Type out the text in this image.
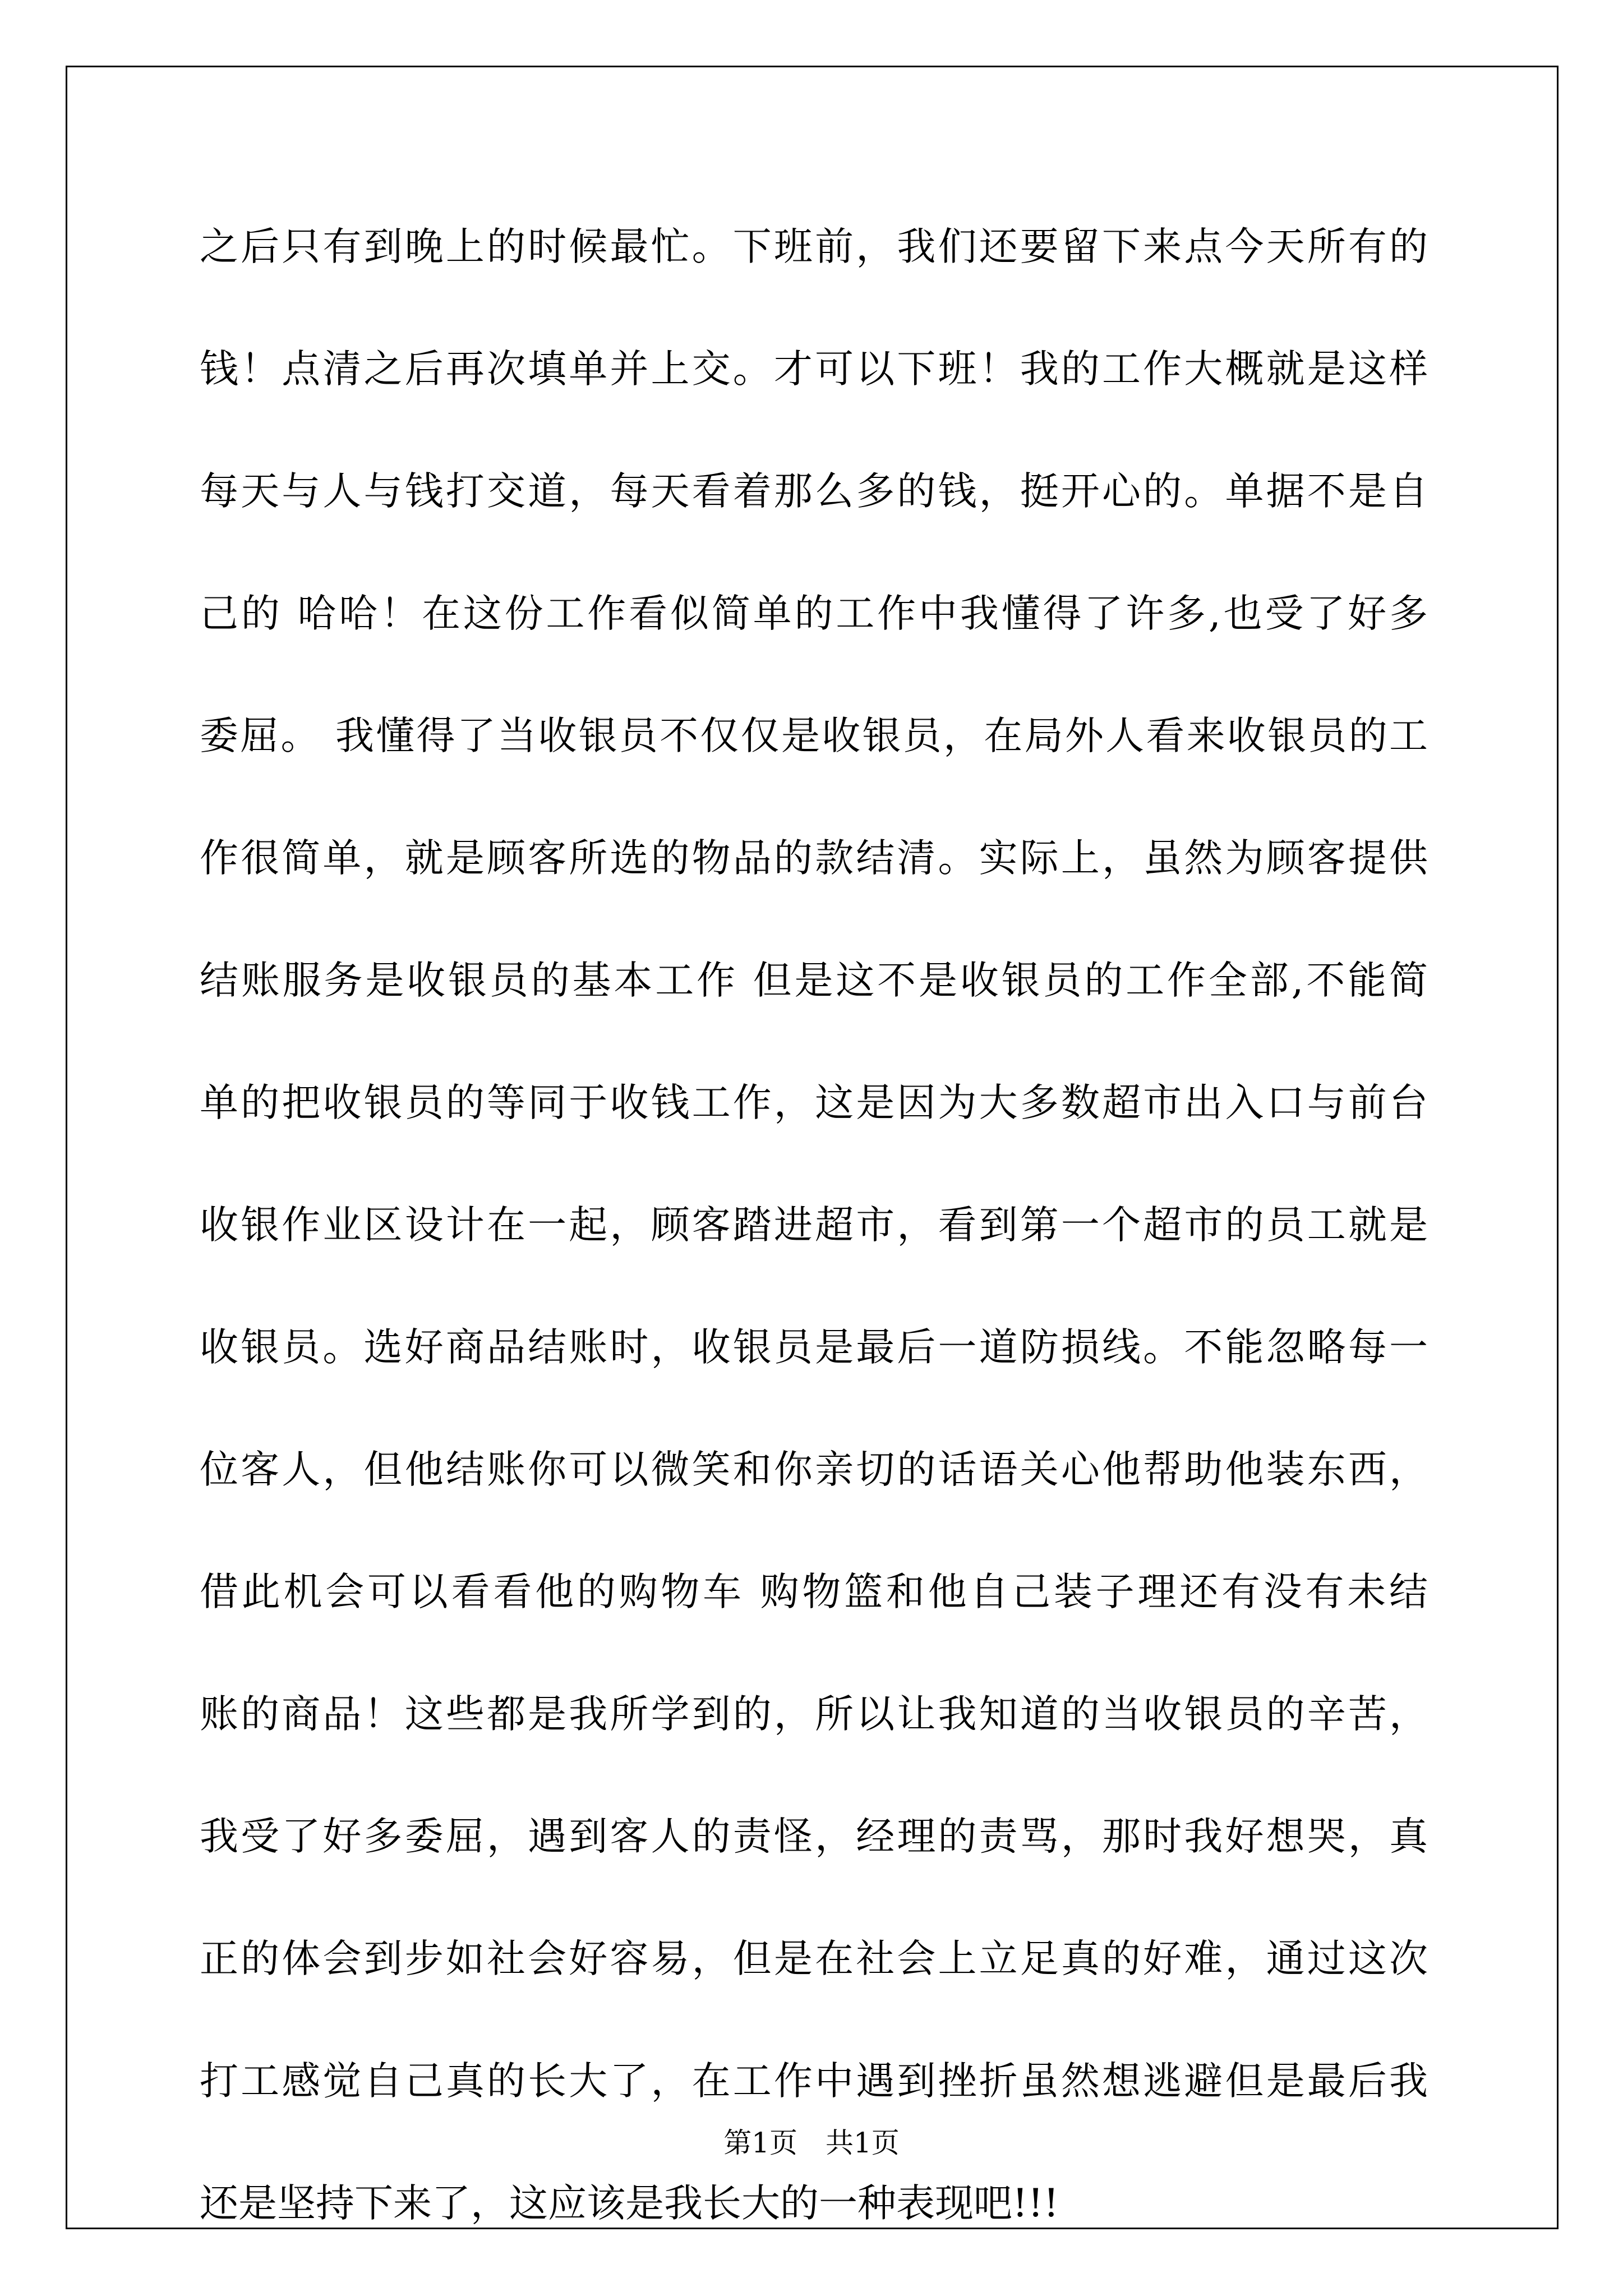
之后只有到晚上的时候最忙。下班前，我们还要留下来点今天所有的
钱！点清之后再次填单并上交。才可以下班！我的工作大概就是这样
每天与人与钱打交道，每天看着那么多的钱，挺开心的。单据不是自
己的 哈哈！在这份工作看似简单的工作中我懂得了许多,也受了好多
委屈。 我懂得了当收银员不仅仅是收银员，在局外人看来收银员的工
作很简单，就是顾客所选的物品的款结清。实际上，虽然为顾客提供
结账服务是收银员的基本工作 但是这不是收银员的工作全部,不能简
单的把收银员的等同于收钱工作，这是因为大多数超市出入口与前台
收银作业区设计在一起，顾客踏进超市，看到第一个超市的员工就是
收银员。选好商品结账时，收银员是最后一道防损线。不能忽略每一
位客人，但他结账你可以微笑和你亲切的话语关心他帮助他装东西，
借此机会可以看看他的购物车 购物篮和他自己装子理还有没有未结
账的商品！这些都是我所学到的，所以让我知道的当收银员的辛苦，
我受了好多委屈，遇到客人的责怪，经理的责骂，那时我好想哭，真
正的体会到步如社会好容易，但是在社会上立足真的好难，通过这次
打工感觉自己真的长大了，在工作中遇到挫折虽然想逃避但是最后我
还是坚持下来了，这应该是我长大的一种表现吧!!!
第1页 共1页
